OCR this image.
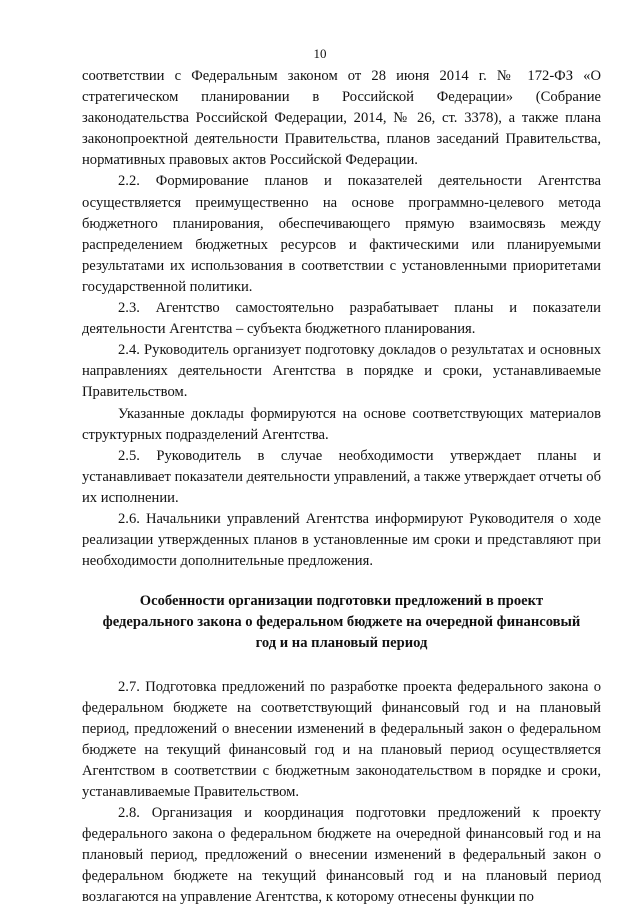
10

соответствии с Федеральным законом от 28 июня 2014 г. № 172-ФЗ «О стратегическом планировании в Российской Федерации» (Собрание законодательства Российской Федерации, 2014, № 26, ст. 3378), а также плана законопроектной деятельности Правительства, планов заседаний Правительства, нормативных правовых актов Российской Федерации.

2.2. Формирование планов и показателей деятельности Агентства осуществляется преимущественно на основе программно-целевого метода бюджетного планирования, обеспечивающего прямую взаимосвязь между распределением бюджетных ресурсов и фактическими или планируемыми результатами их использования в соответствии с установленными приоритетами государственной политики.

2.3. Агентство самостоятельно разрабатывает планы и показатели деятельности Агентства – субъекта бюджетного планирования.

2.4. Руководитель организует подготовку докладов о результатах и основных направлениях деятельности Агентства в порядке и сроки, устанавливаемые Правительством.

Указанные доклады формируются на основе соответствующих материалов структурных подразделений Агентства.

2.5. Руководитель в случае необходимости утверждает планы и устанавливает показатели деятельности управлений, а также утверждает отчеты об их исполнении.

2.6. Начальники управлений Агентства информируют Руководителя о ходе реализации утвержденных планов в установленные им сроки и представляют при необходимости дополнительные предложения.

Особенности организации подготовки предложений в проект федерального закона о федеральном бюджете на очередной финансовый год и на плановый период

2.7. Подготовка предложений по разработке проекта федерального закона о федеральном бюджете на соответствующий финансовый год и на плановый период, предложений о внесении изменений в федеральный закон о федеральном бюджете на текущий финансовый год и на плановый период осуществляется Агентством в соответствии с бюджетным законодательством в порядке и сроки, устанавливаемые Правительством.

2.8. Организация и координация подготовки предложений к проекту федерального закона о федеральном бюджете на очередной финансовый год и на плановый период, предложений о внесении изменений в федеральный закон о федеральном бюджете на текущий финансовый год и на плановый период возлагаются на управление Агентства, к которому отнесены функции по
